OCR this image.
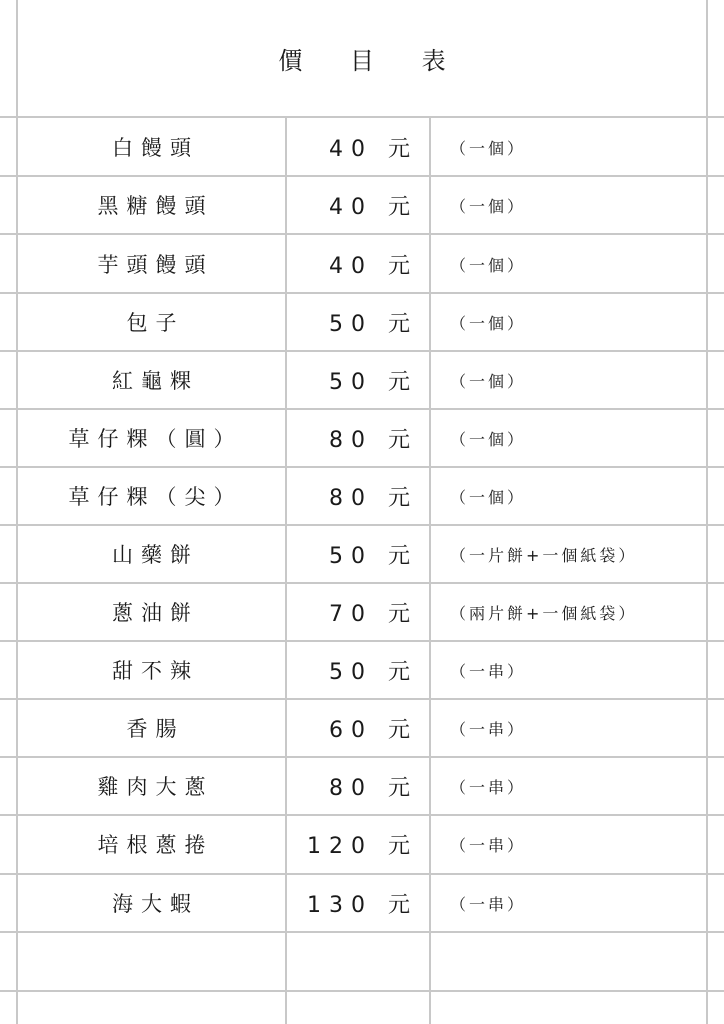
價 目 表
白饅頭	40 元	（一個）
黑糖饅頭	40 元	（一個）
芋頭饅頭	40 元	（一個）
包子	50 元	（一個）
紅龜粿	50 元	（一個）
草仔粿（圓）	80 元	（一個）
草仔粿（尖）	80 元	（一個）
山藥餅	50 元	（一片餅+一個紙袋）
蔥油餅	70 元	（兩片餅+一個紙袋）
甜不辣	50 元	（一串）
香腸	60 元	（一串）
雞肉大蔥	80 元	（一串）
培根蔥捲	120 元	（一串）
海大蝦	130 元	（一串）
